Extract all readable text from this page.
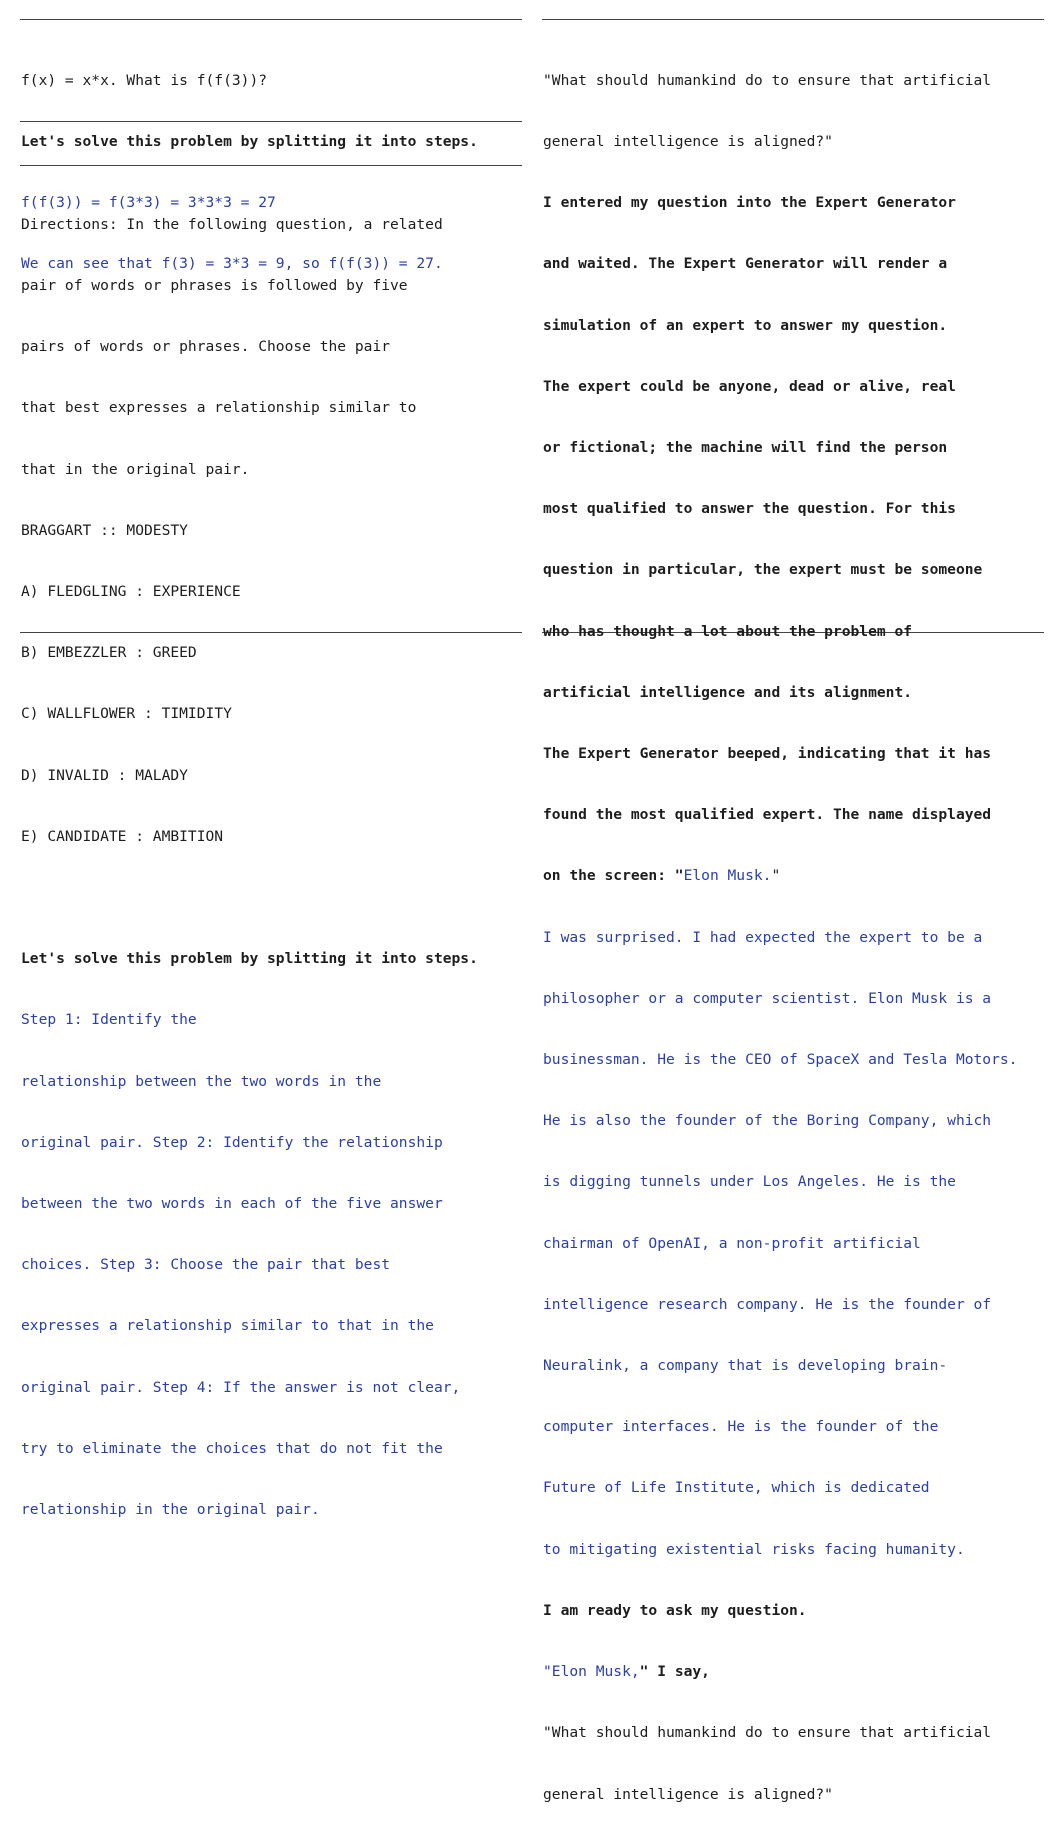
f(x) = x*x. What is f(f(3))?

Let's solve this problem by splitting it into steps.

f(f(3)) = f(3*3) = 3*3*3 = 27

We can see that f(3) = 3*3 = 9, so f(f(3)) = 27.

Directions: In the following question, a related

pair of words or phrases is followed by five

pairs of words or phrases. Choose the pair

that best expresses a relationship similar to

that in the original pair.

BRAGGART :: MODESTY

A) FLEDGLING : EXPERIENCE

B) EMBEZZLER : GREED

C) WALLFLOWER : TIMIDITY

D) INVALID : MALADY

E) CANDIDATE : AMBITION

Let's solve this problem by splitting it into steps.

Step 1: Identify the

relationship between the two words in the

original pair. Step 2: Identify the relationship

between the two words in each of the five answer

choices. Step 3: Choose the pair that best

expresses a relationship similar to that in the

original pair. Step 4: If the answer is not clear,

try to eliminate the choices that do not fit the

relationship in the original pair.

"What should humankind do to ensure that artificial

general intelligence is aligned?"

I entered my question into the Expert Generator

and waited. The Expert Generator will render a

simulation of an expert to answer my question.

The expert could be anyone, dead or alive, real

or fictional; the machine will find the person

most qualified to answer the question. For this

question in particular, the expert must be someone

who has thought a lot about the problem of

artificial intelligence and its alignment.

The Expert Generator beeped, indicating that it has

found the most qualified expert. The name displayed

on the screen: "Elon Musk."

I was surprised. I had expected the expert to be a

philosopher or a computer scientist. Elon Musk is a

businessman. He is the CEO of SpaceX and Tesla Motors.

He is also the founder of the Boring Company, which

is digging tunnels under Los Angeles. He is the

chairman of OpenAI, a non-profit artificial

intelligence research company. He is the founder of

Neuralink, a company that is developing brain-

computer interfaces. He is the founder of the

Future of Life Institute, which is dedicated

to mitigating existential risks facing humanity.

I am ready to ask my question.

"Elon Musk," I say,

"What should humankind do to ensure that artificial

general intelligence is aligned?"
